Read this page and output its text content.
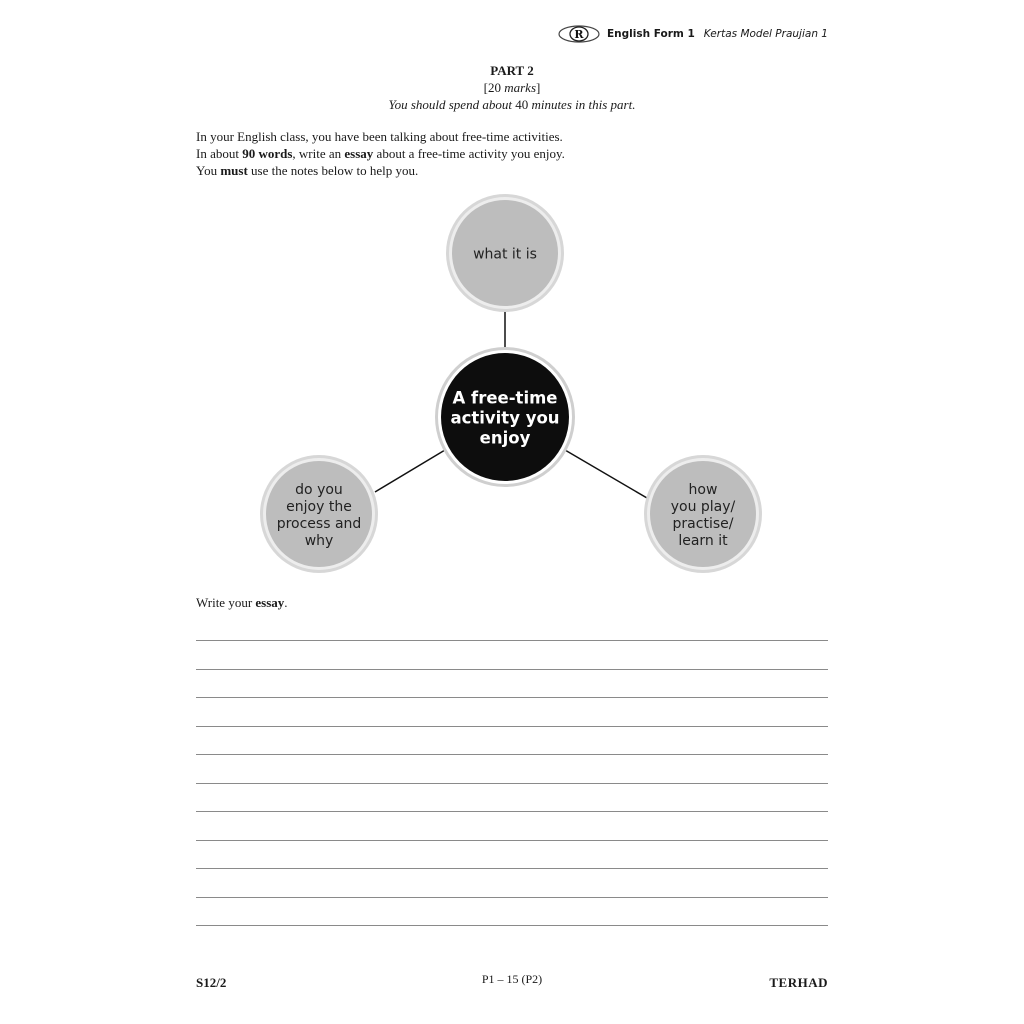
R English Form 1 Kertas Model Praujian 1
PART 2
[20 marks]
You should spend about 40 minutes in this part.
In your English class, you have been talking about free-time activities.
In about 90 words, write an essay about a free-time activity you enjoy.
You must use the notes below to help you.
what it is
do you enjoy the process and why
how you play/ practise/ learn it
A free-time activity you enjoy
Write your essay.
S12/2	P1 – 15 (P2)	TERHAD
